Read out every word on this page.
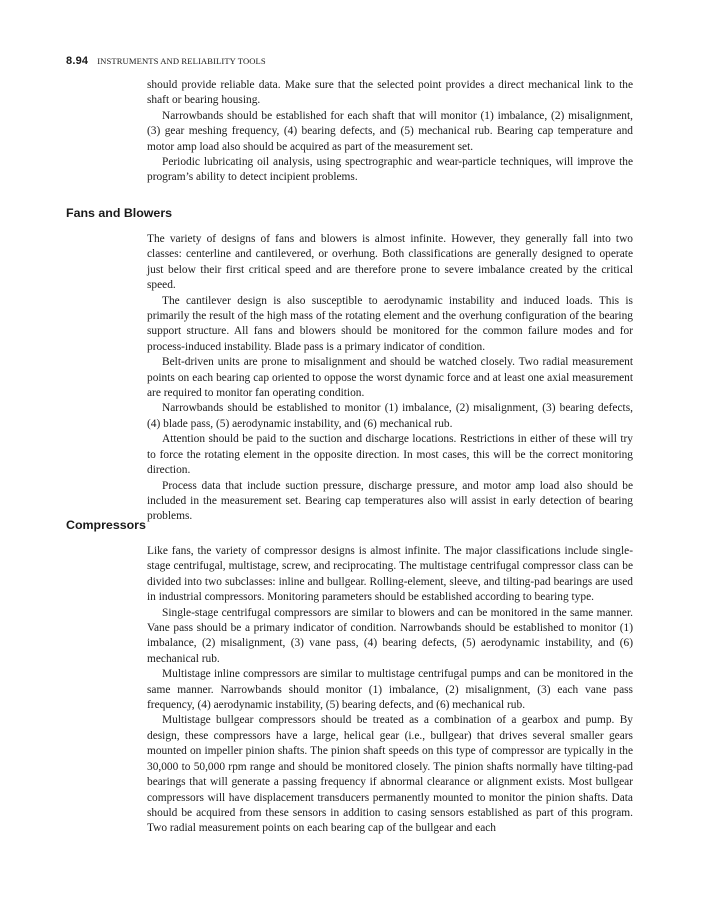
8.94 INSTRUMENTS AND RELIABILITY TOOLS

should provide reliable data. Make sure that the selected point provides a direct mechanical link to the shaft or bearing housing.

Narrowbands should be established for each shaft that will monitor (1) imbalance, (2) misalignment, (3) gear meshing frequency, (4) bearing defects, and (5) mechanical rub. Bearing cap temperature and motor amp load also should be acquired as part of the measurement set.

Periodic lubricating oil analysis, using spectrographic and wear-particle techniques, will improve the program’s ability to detect incipient problems.

Fans and Blowers

The variety of designs of fans and blowers is almost infinite. However, they generally fall into two classes: centerline and cantilevered, or overhung. Both classifications are generally designed to operate just below their first critical speed and are therefore prone to severe imbalance created by the critical speed.

The cantilever design is also susceptible to aerodynamic instability and induced loads. This is primarily the result of the high mass of the rotating element and the overhung configuration of the bearing support structure. All fans and blowers should be monitored for the common failure modes and for process-induced instability. Blade pass is a primary indicator of condition.

Belt-driven units are prone to misalignment and should be watched closely. Two radial measurement points on each bearing cap oriented to oppose the worst dynamic force and at least one axial measurement are required to monitor fan operating condition.

Narrowbands should be established to monitor (1) imbalance, (2) misalignment, (3) bearing defects, (4) blade pass, (5) aerodynamic instability, and (6) mechanical rub.

Attention should be paid to the suction and discharge locations. Restrictions in either of these will try to force the rotating element in the opposite direction. In most cases, this will be the correct monitoring direction.

Process data that include suction pressure, discharge pressure, and motor amp load also should be included in the measurement set. Bearing cap temperatures also will assist in early detection of bearing problems.

Compressors

Like fans, the variety of compressor designs is almost infinite. The major classifications include single-stage centrifugal, multistage, screw, and reciprocating. The multistage centrifugal compressor class can be divided into two subclasses: inline and bullgear. Rolling-element, sleeve, and tilting-pad bearings are used in industrial compressors. Monitoring parameters should be established according to bearing type.

Single-stage centrifugal compressors are similar to blowers and can be monitored in the same manner. Vane pass should be a primary indicator of condition. Narrowbands should be established to monitor (1) imbalance, (2) misalignment, (3) vane pass, (4) bearing defects, (5) aerodynamic instability, and (6) mechanical rub.

Multistage inline compressors are similar to multistage centrifugal pumps and can be monitored in the same manner. Narrowbands should monitor (1) imbalance, (2) misalignment, (3) each vane pass frequency, (4) aerodynamic instability, (5) bearing defects, and (6) mechanical rub.

Multistage bullgear compressors should be treated as a combination of a gearbox and pump. By design, these compressors have a large, helical gear (i.e., bullgear) that drives several smaller gears mounted on impeller pinion shafts. The pinion shaft speeds on this type of compressor are typically in the 30,000 to 50,000 rpm range and should be monitored closely. The pinion shafts normally have tilting-pad bearings that will generate a passing frequency if abnormal clearance or alignment exists. Most bullgear compressors will have displacement transducers permanently mounted to monitor the pinion shafts. Data should be acquired from these sensors in addition to casing sensors established as part of this program. Two radial measurement points on each bearing cap of the bullgear and each
